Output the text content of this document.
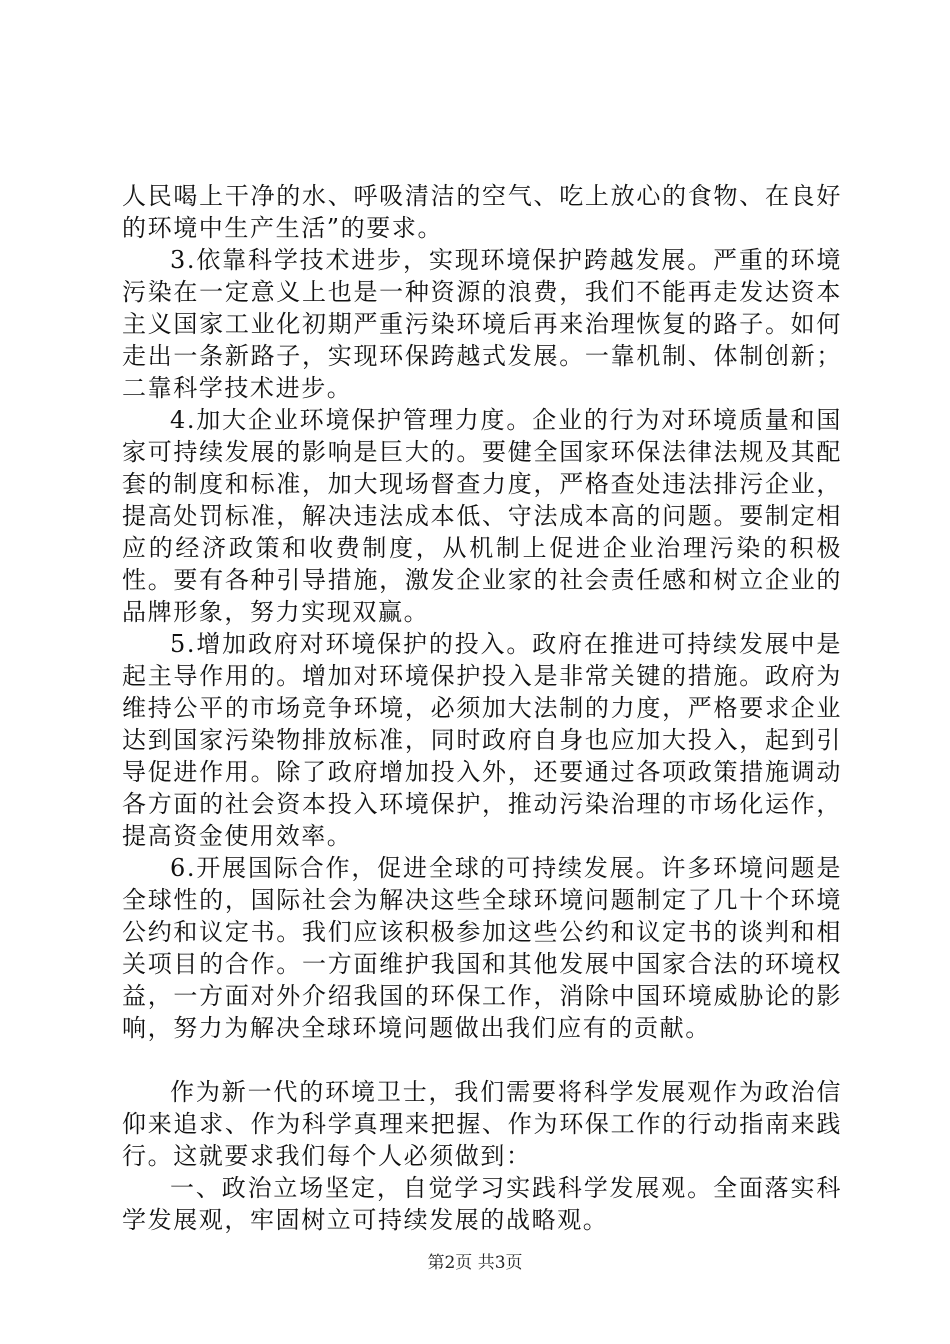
人民喝上干净的水、呼吸清洁的空气、吃上放心的食物、在良好的环境中生产生活”的要求。

3.依靠科学技术进步，实现环境保护跨越发展。严重的环境污染在一定意义上也是一种资源的浪费，我们不能再走发达资本主义国家工业化初期严重污染环境后再来治理恢复的路子。如何走出一条新路子，实现环保跨越式发展。一靠机制、体制创新；二靠科学技术进步。

4.加大企业环境保护管理力度。企业的行为对环境质量和国家可持续发展的影响是巨大的。要健全国家环保法律法规及其配套的制度和标准，加大现场督查力度，严格查处违法排污企业，提高处罚标准，解决违法成本低、守法成本高的问题。要制定相应的经济政策和收费制度，从机制上促进企业治理污染的积极性。要有各种引导措施，激发企业家的社会责任感和树立企业的品牌形象，努力实现双赢。

5.增加政府对环境保护的投入。政府在推进可持续发展中是起主导作用的。增加对环境保护投入是非常关键的措施。政府为维持公平的市场竞争环境，必须加大法制的力度，严格要求企业达到国家污染物排放标准，同时政府自身也应加大投入，起到引导促进作用。除了政府增加投入外，还要通过各项政策措施调动各方面的社会资本投入环境保护，推动污染治理的市场化运作，提高资金使用效率。

6.开展国际合作，促进全球的可持续发展。许多环境问题是全球性的，国际社会为解决这些全球环境问题制定了几十个环境公约和议定书。我们应该积极参加这些公约和议定书的谈判和相关项目的合作。一方面维护我国和其他发展中国家合法的环境权益，一方面对外介绍我国的环保工作，消除中国环境威胁论的影响，努力为解决全球环境问题做出我们应有的贡献。

作为新一代的环境卫士，我们需要将科学发展观作为政治信仰来追求、作为科学真理来把握、作为环保工作的行动指南来践行。这就要求我们每个人必须做到：

一、政治立场坚定，自觉学习实践科学发展观。全面落实科学发展观，牢固树立可持续发展的战略观。

第2页 共3页
